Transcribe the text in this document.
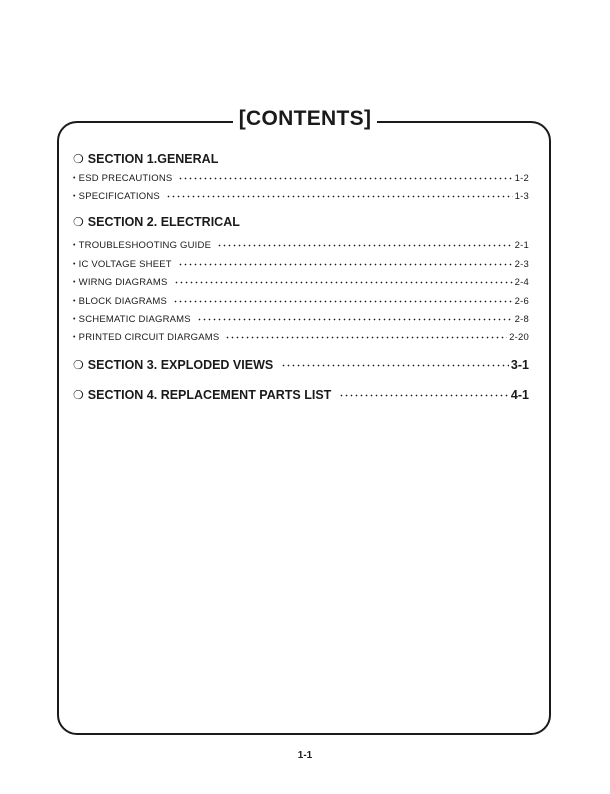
[CONTENTS]
❍ SECTION 1.GENERAL
• ESD PRECAUTIONS	1-2
• SPECIFICATIONS	1-3
❍ SECTION 2. ELECTRICAL
• TROUBLESHOOTING GUIDE	2-1
• IC VOLTAGE SHEET	2-3
• WIRNG DIAGRAMS	2-4
• BLOCK DIAGRAMS	2-6
• SCHEMATIC DIAGRAMS	2-8
• PRINTED CIRCUIT DIARGAMS	2-20
❍ SECTION 3. EXPLODED VIEWS	3-1
❍ SECTION 4. REPLACEMENT PARTS LIST	4-1
1-1
